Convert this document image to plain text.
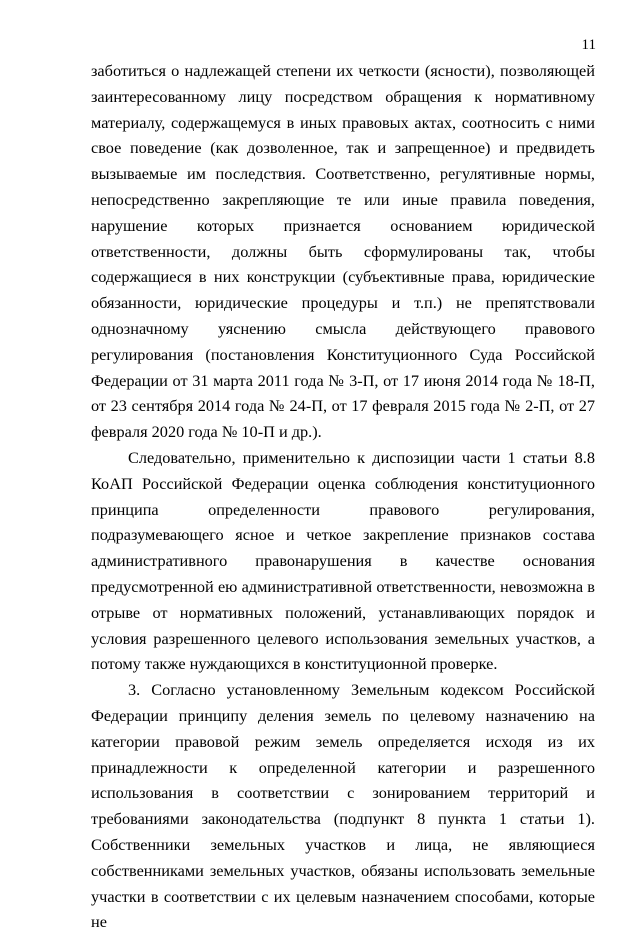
11

заботиться о надлежащей степени их четкости (ясности), позволяющей заинтересованному лицу посредством обращения к нормативному материалу, содержащемуся в иных правовых актах, соотносить с ними свое поведение (как дозволенное, так и запрещенное) и предвидеть вызываемые им последствия. Соответственно, регулятивные нормы, непосредственно закрепляющие те или иные правила поведения, нарушение которых признается основанием юридической ответственности, должны быть сформулированы так, чтобы содержащиеся в них конструкции (субъективные права, юридические обязанности, юридические процедуры и т.п.) не препятствовали однозначному уяснению смысла действующего правового регулирования (постановления Конституционного Суда Российской Федерации от 31 марта 2011 года № 3-П, от 17 июня 2014 года № 18-П, от 23 сентября 2014 года № 24-П, от 17 февраля 2015 года № 2-П, от 27 февраля 2020 года № 10-П и др.).

Следовательно, применительно к диспозиции части 1 статьи 8.8 КоАП Российской Федерации оценка соблюдения конституционного принципа определенности правового регулирования, подразумевающего ясное и четкое закрепление признаков состава административного правонарушения в качестве основания предусмотренной ею административной ответственности, невозможна в отрыве от нормативных положений, устанавливающих порядок и условия разрешенного целевого использования земельных участков, а потому также нуждающихся в конституционной проверке.

3. Согласно установленному Земельным кодексом Российской Федерации принципу деления земель по целевому назначению на категории правовой режим земель определяется исходя из их принадлежности к определенной категории и разрешенного использования в соответствии с зонированием территорий и требованиями законодательства (подпункт 8 пункта 1 статьи 1). Собственники земельных участков и лица, не являющиеся собственниками земельных участков, обязаны использовать земельные участки в соответствии с их целевым назначением способами, которые не
